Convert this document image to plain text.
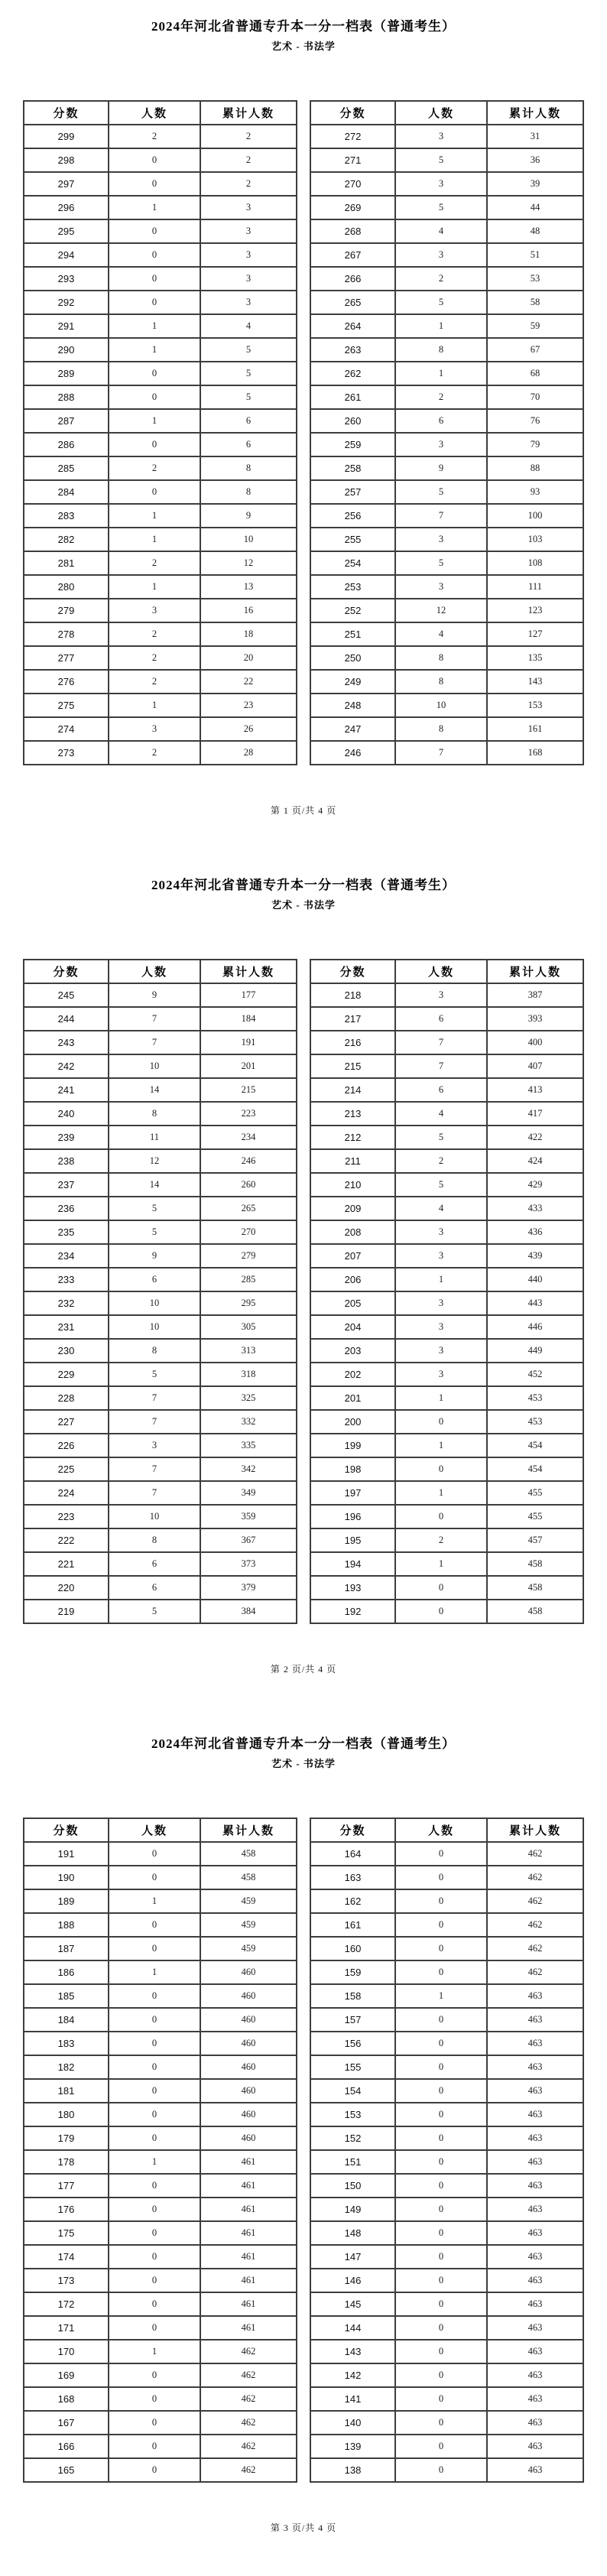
2024年河北省普通专升本一分一档表（普通考生）
艺术 - 书法学
分数	人数	累计人数
299	2	2
298	0	2
297	0	2
296	1	3
295	0	3
294	0	3
293	0	3
292	0	3
291	1	4
290	1	5
289	0	5
288	0	5
287	1	6
286	0	6
285	2	8
284	0	8
283	1	9
282	1	10
281	2	12
280	1	13
279	3	16
278	2	18
277	2	20
276	2	22
275	1	23
274	3	26
273	2	28
分数	人数	累计人数
272	3	31
271	5	36
270	3	39
269	5	44
268	4	48
267	3	51
266	2	53
265	5	58
264	1	59
263	8	67
262	1	68
261	2	70
260	6	76
259	3	79
258	9	88
257	5	93
256	7	100
255	3	103
254	5	108
253	3	111
252	12	123
251	4	127
250	8	135
249	8	143
248	10	153
247	8	161
246	7	168
第 1 页/共 4 页
2024年河北省普通专升本一分一档表（普通考生）
艺术 - 书法学
分数	人数	累计人数
245	9	177
244	7	184
243	7	191
242	10	201
241	14	215
240	8	223
239	11	234
238	12	246
237	14	260
236	5	265
235	5	270
234	9	279
233	6	285
232	10	295
231	10	305
230	8	313
229	5	318
228	7	325
227	7	332
226	3	335
225	7	342
224	7	349
223	10	359
222	8	367
221	6	373
220	6	379
219	5	384
分数	人数	累计人数
218	3	387
217	6	393
216	7	400
215	7	407
214	6	413
213	4	417
212	5	422
211	2	424
210	5	429
209	4	433
208	3	436
207	3	439
206	1	440
205	3	443
204	3	446
203	3	449
202	3	452
201	1	453
200	0	453
199	1	454
198	0	454
197	1	455
196	0	455
195	2	457
194	1	458
193	0	458
192	0	458
第 2 页/共 4 页
2024年河北省普通专升本一分一档表（普通考生）
艺术 - 书法学
分数	人数	累计人数
191	0	458
190	0	458
189	1	459
188	0	459
187	0	459
186	1	460
185	0	460
184	0	460
183	0	460
182	0	460
181	0	460
180	0	460
179	0	460
178	1	461
177	0	461
176	0	461
175	0	461
174	0	461
173	0	461
172	0	461
171	0	461
170	1	462
169	0	462
168	0	462
167	0	462
166	0	462
165	0	462
分数	人数	累计人数
164	0	462
163	0	462
162	0	462
161	0	462
160	0	462
159	0	462
158	1	463
157	0	463
156	0	463
155	0	463
154	0	463
153	0	463
152	0	463
151	0	463
150	0	463
149	0	463
148	0	463
147	0	463
146	0	463
145	0	463
144	0	463
143	0	463
142	0	463
141	0	463
140	0	463
139	0	463
138	0	463
第 3 页/共 4 页
